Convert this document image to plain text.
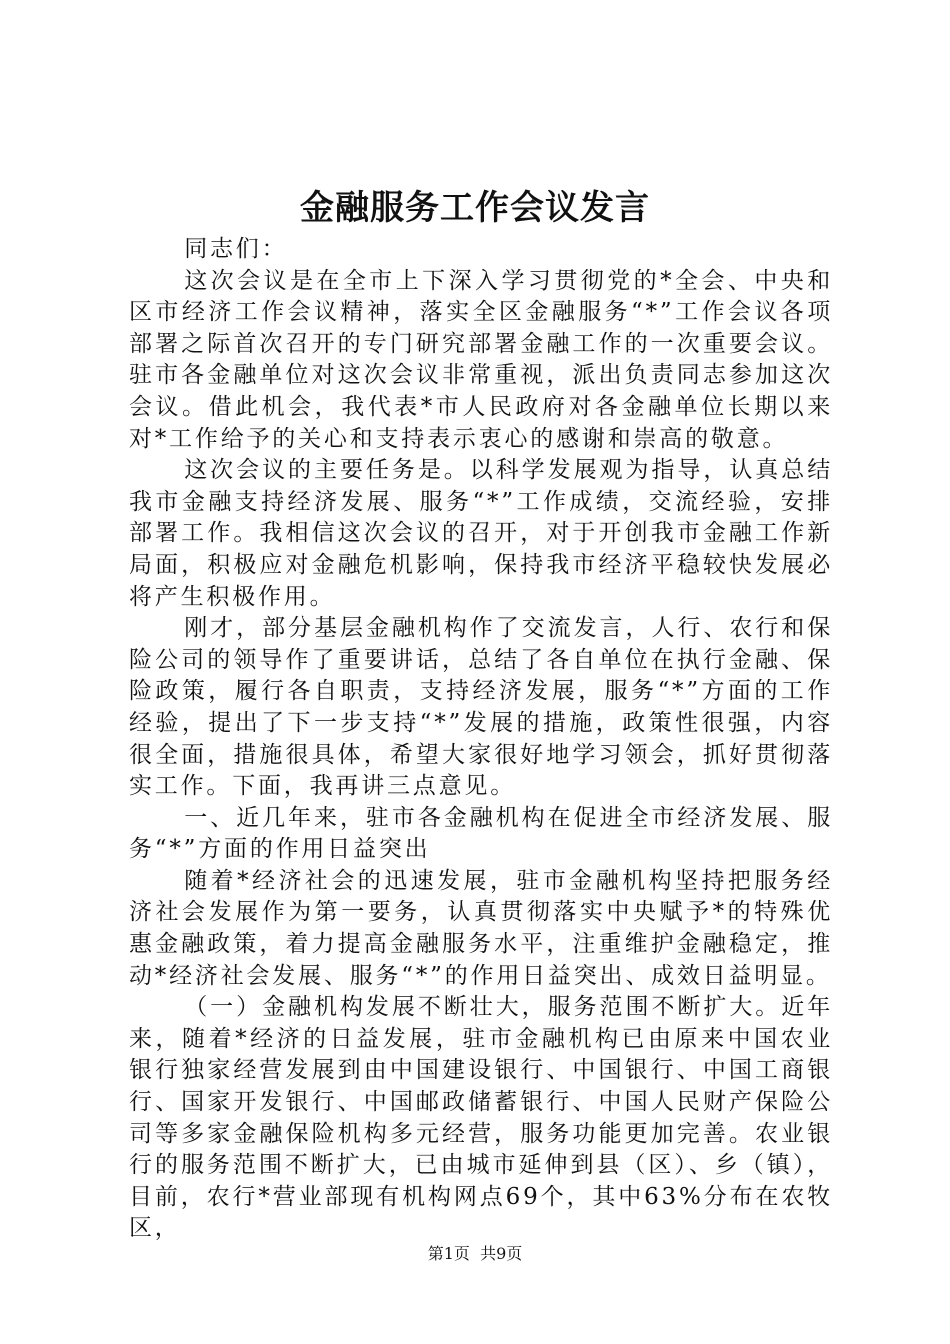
金融服务工作会议发言

同志们：

这次会议是在全市上下深入学习贯彻党的*全会、中央和区市经济工作会议精神，落实全区金融服务“*”工作会议各项部署之际首次召开的专门研究部署金融工作的一次重要会议。驻市各金融单位对这次会议非常重视，派出负责同志参加这次会议。借此机会，我代表*市人民政府对各金融单位长期以来对*工作给予的关心和支持表示衷心的感谢和崇高的敬意。

这次会议的主要任务是。以科学发展观为指导，认真总结我市金融支持经济发展、服务“*”工作成绩，交流经验，安排部署工作。我相信这次会议的召开，对于开创我市金融工作新局面，积极应对金融危机影响，保持我市经济平稳较快发展必将产生积极作用。

刚才，部分基层金融机构作了交流发言，人行、农行和保险公司的领导作了重要讲话，总结了各自单位在执行金融、保险政策，履行各自职责，支持经济发展，服务“*”方面的工作经验，提出了下一步支持“*”发展的措施，政策性很强，内容很全面，措施很具体，希望大家很好地学习领会，抓好贯彻落实工作。下面，我再讲三点意见。

一、近几年来，驻市各金融机构在促进全市经济发展、服务“*”方面的作用日益突出

随着*经济社会的迅速发展，驻市金融机构坚持把服务经济社会发展作为第一要务，认真贯彻落实中央赋予*的特殊优惠金融政策，着力提高金融服务水平，注重维护金融稳定，推动*经济社会发展、服务“*”的作用日益突出、成效日益明显。

（一）金融机构发展不断壮大，服务范围不断扩大。近年来，随着*经济的日益发展，驻市金融机构已由原来中国农业银行独家经营发展到由中国建设银行、中国银行、中国工商银行、国家开发银行、中国邮政储蓄银行、中国人民财产保险公司等多家金融保险机构多元经营，服务功能更加完善。农业银行的服务范围不断扩大，已由城市延伸到县（区）、乡（镇），目前，农行*营业部现有机构网点69个，其中63%分布在农牧区，

第1页  共9页
